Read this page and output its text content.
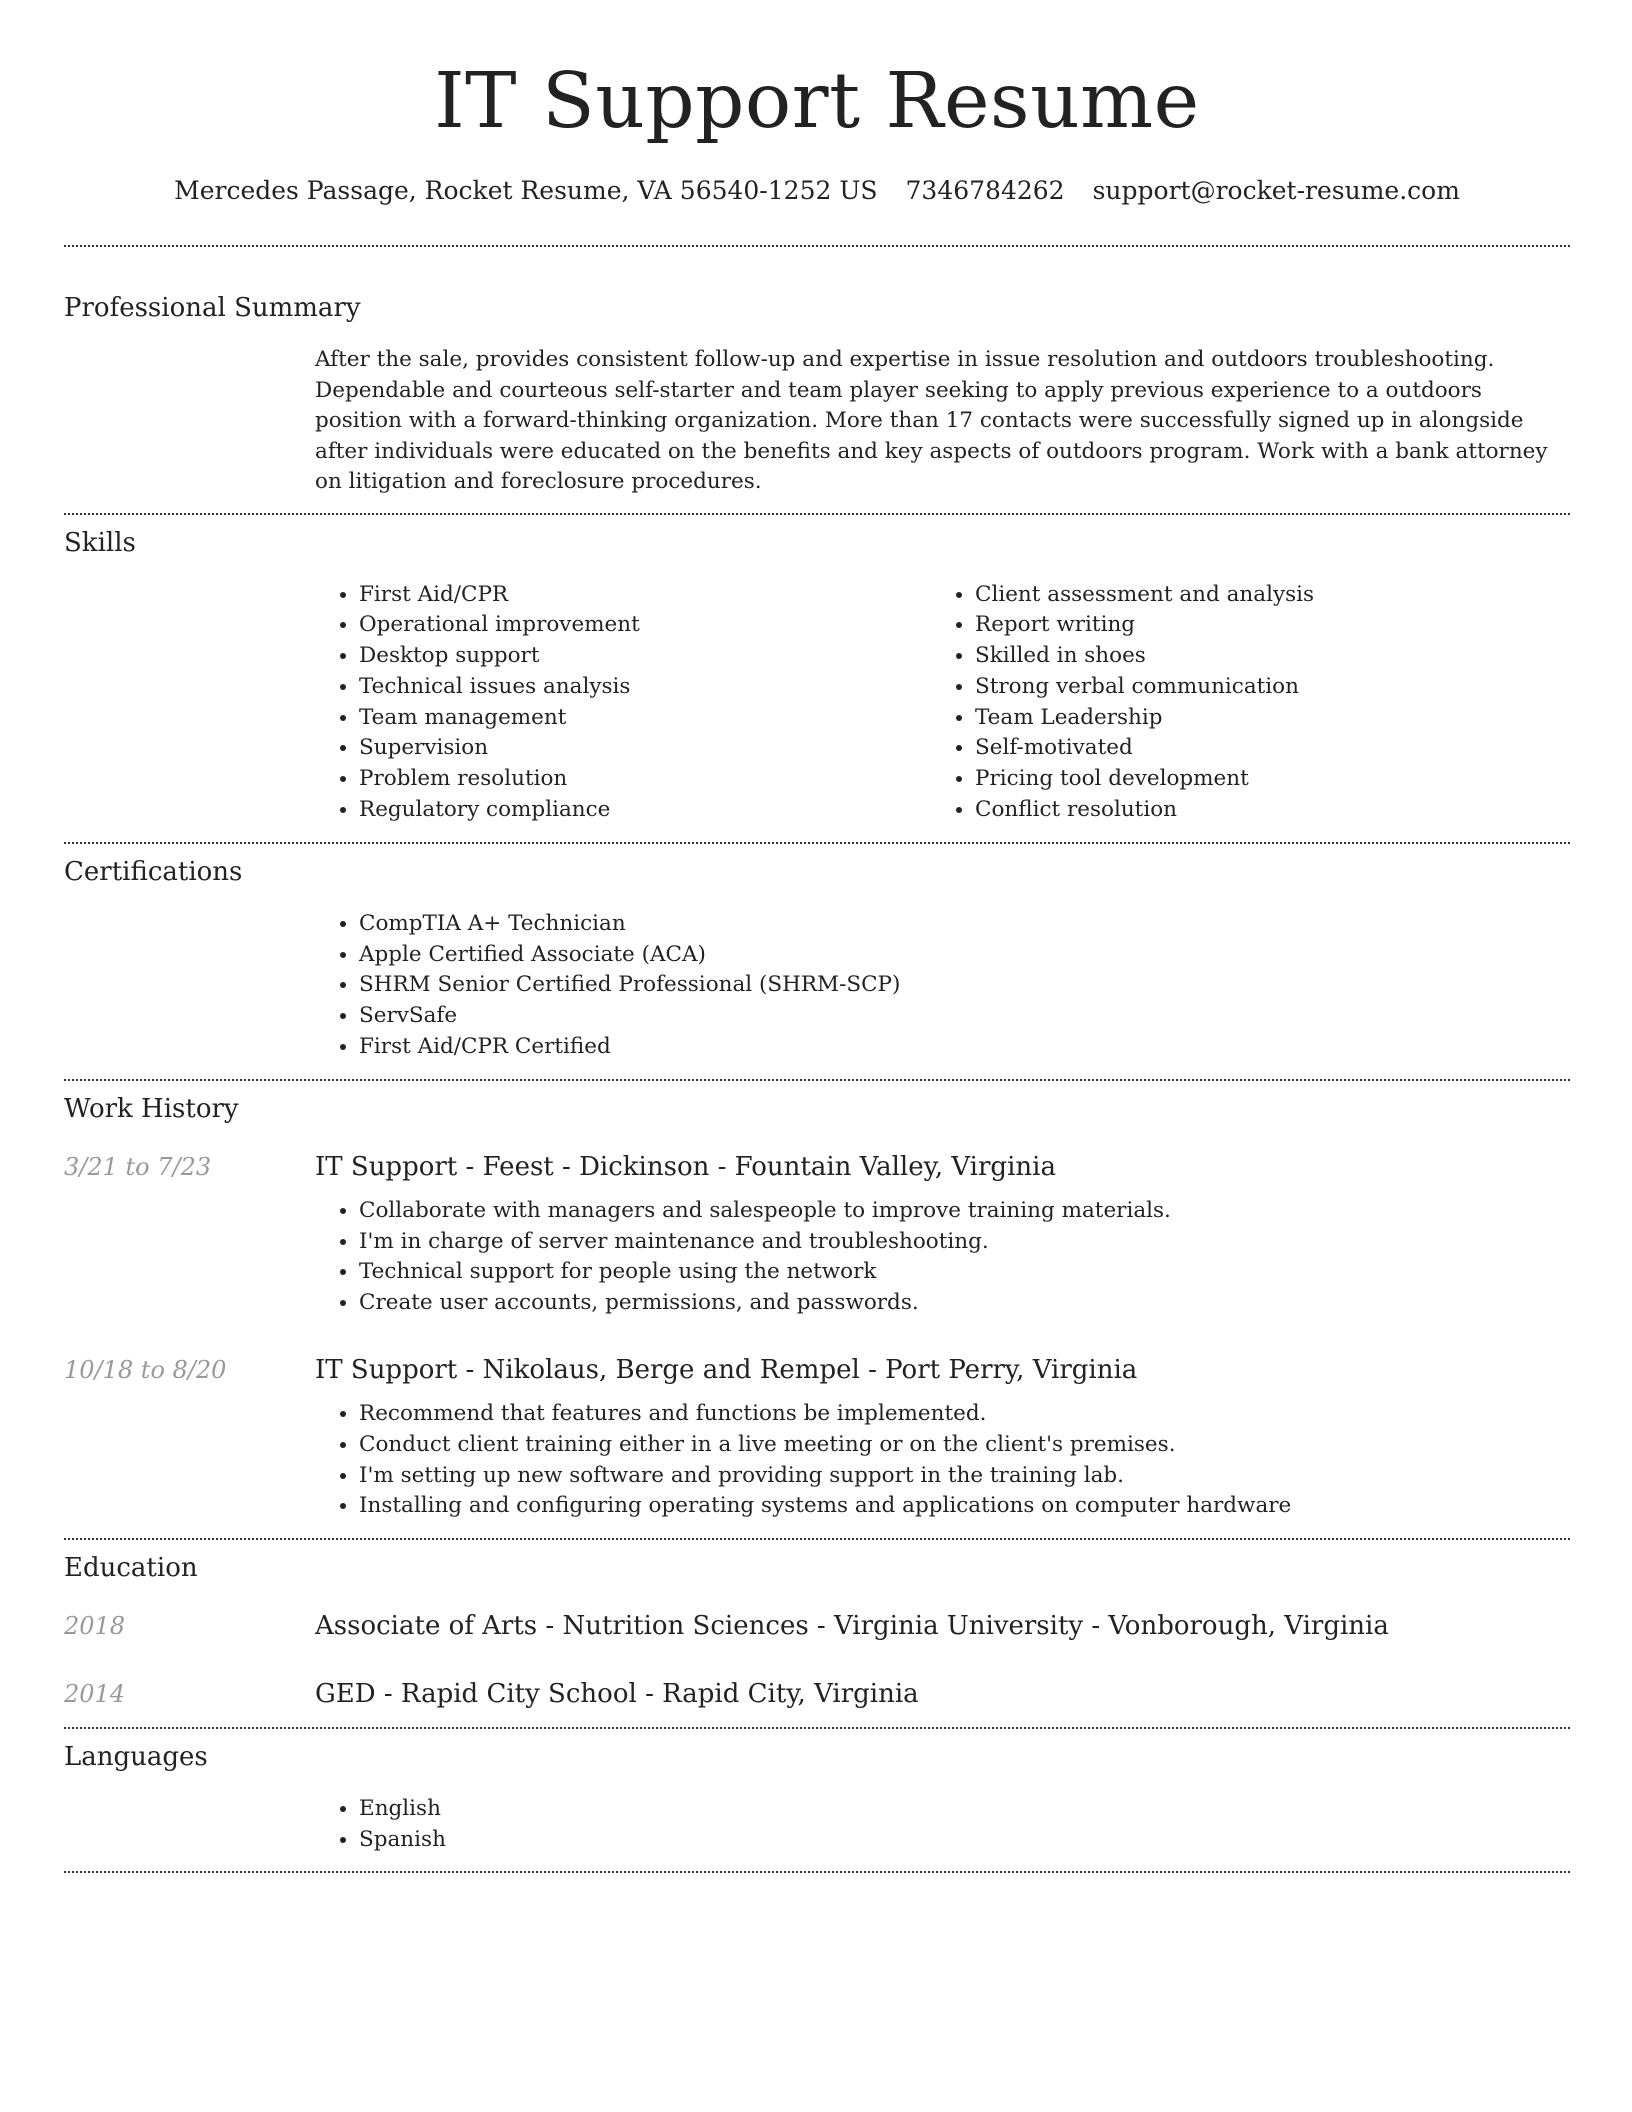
IT Support Resume
Mercedes Passage, Rocket Resume, VA 56540-1252 US 7346784262 support@rocket-resume.com
Professional Summary

After the sale, provides consistent follow-up and expertise in issue resolution and outdoors troubleshooting. Dependable and courteous self-starter and team player seeking to apply previous experience to a outdoors position with a forward-thinking organization. More than 17 contacts were successfully signed up in alongside after individuals were educated on the benefits and key aspects of outdoors program. Work with a bank attorney on litigation and foreclosure procedures.

Skills
• First Aid/CPR
• Operational improvement
• Desktop support
• Technical issues analysis
• Team management
• Supervision
• Problem resolution
• Regulatory compliance
• Client assessment and analysis
• Report writing
• Skilled in shoes
• Strong verbal communication
• Team Leadership
• Self-motivated
• Pricing tool development
• Conflict resolution
Certifications
• CompTIA A+ Technician
• Apple Certified Associate (ACA)
• SHRM Senior Certified Professional (SHRM-SCP)
• ServSafe
• First Aid/CPR Certified
Work History
3/21 to 7/23	IT Support - Feest - Dickinson - Fountain Valley, Virginia
• Collaborate with managers and salespeople to improve training materials.
• I'm in charge of server maintenance and troubleshooting.
• Technical support for people using the network
• Create user accounts, permissions, and passwords.
10/18 to 8/20	IT Support - Nikolaus, Berge and Rempel - Port Perry, Virginia
• Recommend that features and functions be implemented.
• Conduct client training either in a live meeting or on the client's premises.
• I'm setting up new software and providing support in the training lab.
• Installing and configuring operating systems and applications on computer hardware
Education
2018	Associate of Arts - Nutrition Sciences - Virginia University - Vonborough, Virginia
2014	GED - Rapid City School - Rapid City, Virginia
Languages
• English
• Spanish
